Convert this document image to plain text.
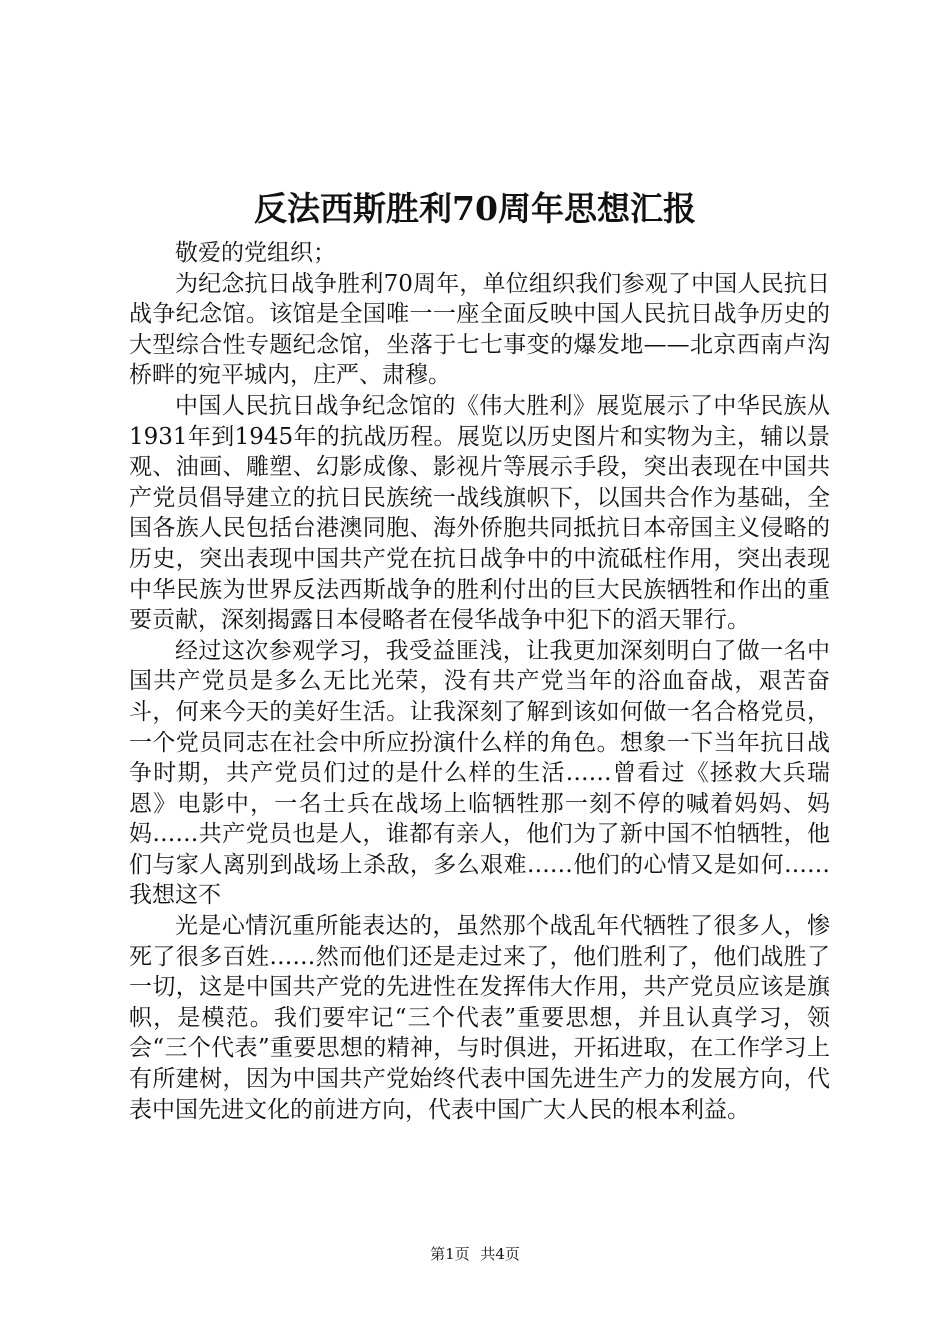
反法西斯胜利70周年思想汇报

敬爱的党组织；

为纪念抗日战争胜利70周年，单位组织我们参观了中国人民抗日战争纪念馆。该馆是全国唯一一座全面反映中国人民抗日战争历史的大型综合性专题纪念馆，坐落于七七事变的爆发地——北京西南卢沟桥畔的宛平城内，庄严、肃穆。

中国人民抗日战争纪念馆的《伟大胜利》展览展示了中华民族从1931年到1945年的抗战历程。展览以历史图片和实物为主，辅以景观、油画、雕塑、幻影成像、影视片等展示手段，突出表现在中国共产党员倡导建立的抗日民族统一战线旗帜下，以国共合作为基础，全国各族人民包括台港澳同胞、海外侨胞共同抵抗日本帝国主义侵略的历史，突出表现中国共产党在抗日战争中的中流砥柱作用，突出表现中华民族为世界反法西斯战争的胜利付出的巨大民族牺牲和作出的重要贡献，深刻揭露日本侵略者在侵华战争中犯下的滔天罪行。

经过这次参观学习，我受益匪浅，让我更加深刻明白了做一名中国共产党员是多么无比光荣，没有共产党当年的浴血奋战，艰苦奋斗，何来今天的美好生活。让我深刻了解到该如何做一名合格党员，一个党员同志在社会中所应扮演什么样的角色。想象一下当年抗日战争时期，共产党员们过的是什么样的生活……曾看过《拯救大兵瑞恩》电影中，一名士兵在战场上临牺牲那一刻不停的喊着妈妈、妈妈……共产党员也是人，谁都有亲人，他们为了新中国不怕牺牲，他们与家人离别到战场上杀敌，多么艰难……他们的心情又是如何……我想这不

光是心情沉重所能表达的，虽然那个战乱年代牺牲了很多人，惨死了很多百姓……然而他们还是走过来了，他们胜利了，他们战胜了一切，这是中国共产党的先进性在发挥伟大作用，共产党员应该是旗帜，是模范。我们要牢记“三个代表”重要思想，并且认真学习，领会“三个代表”重要思想的精神，与时俱进，开拓进取，在工作学习上有所建树，因为中国共产党始终代表中国先进生产力的发展方向，代表中国先进文化的前进方向，代表中国广大人民的根本利益。

第1页 共4页
